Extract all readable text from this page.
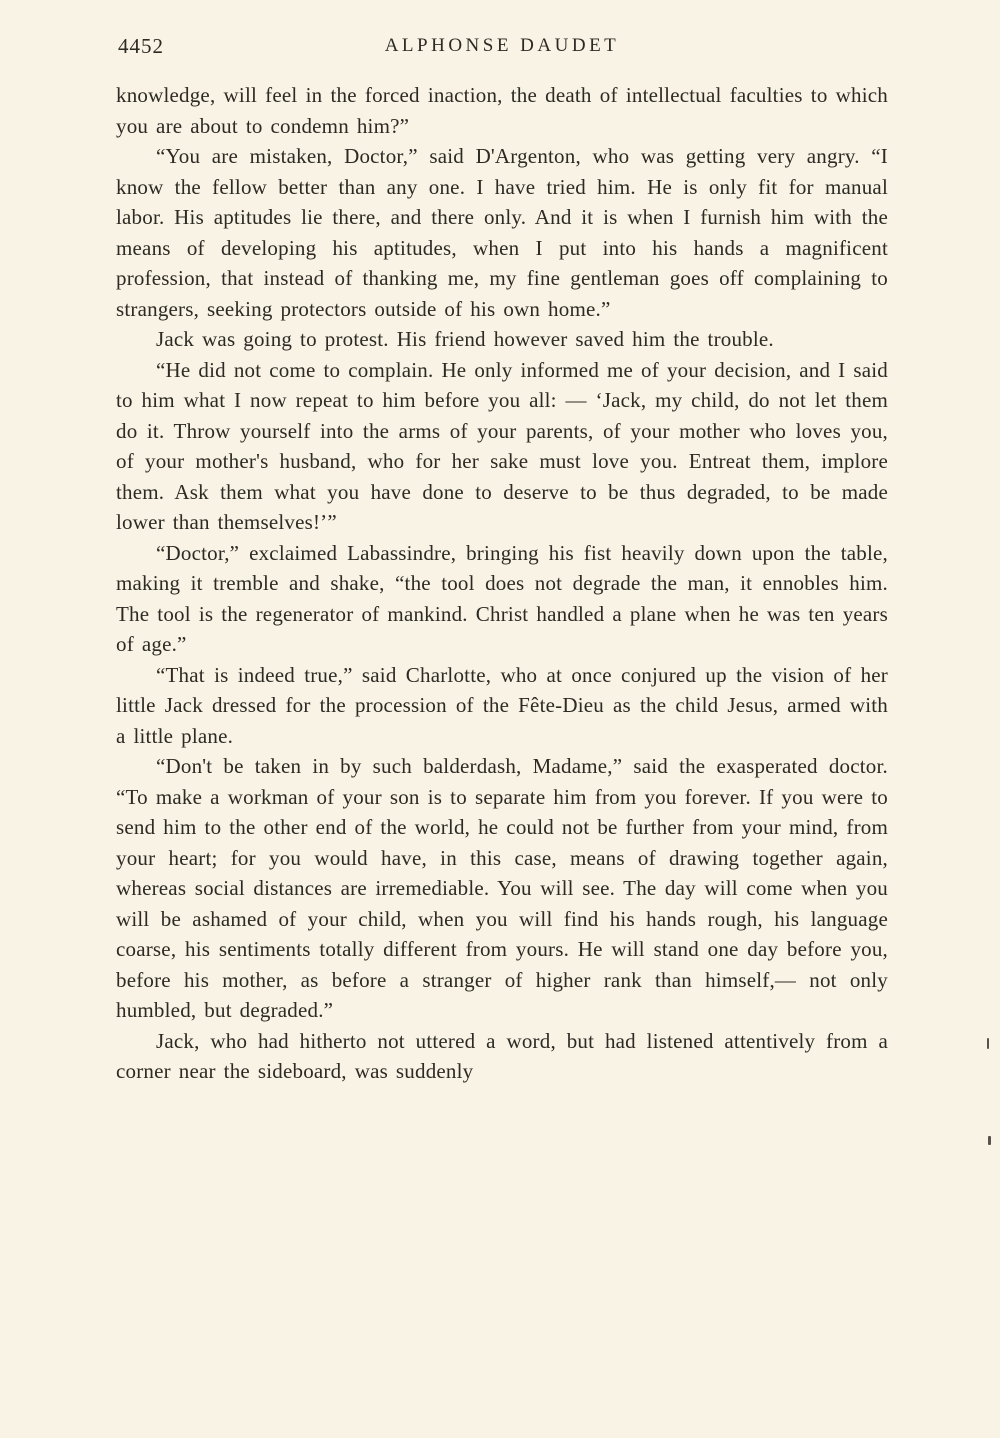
4452	ALPHONSE DAUDET

knowledge, will feel in the forced inaction, the death of intellectual faculties to which you are about to condemn him?”

“You are mistaken, Doctor,” said D'Argenton, who was getting very angry. “I know the fellow better than any one. I have tried him. He is only fit for manual labor. His aptitudes lie there, and there only. And it is when I furnish him with the means of developing his aptitudes, when I put into his hands a magnificent profession, that instead of thanking me, my fine gentleman goes off complaining to strangers, seeking protectors outside of his own home.”

Jack was going to protest. His friend however saved him the trouble.

“He did not come to complain. He only informed me of your decision, and I said to him what I now repeat to him before you all: — ‘Jack, my child, do not let them do it. Throw yourself into the arms of your parents, of your mother who loves you, of your mother's husband, who for her sake must love you. Entreat them, implore them. Ask them what you have done to deserve to be thus degraded, to be made lower than themselves!’”

“Doctor,” exclaimed Labassindre, bringing his fist heavily down upon the table, making it tremble and shake, “the tool does not degrade the man, it ennobles him. The tool is the regenerator of mankind. Christ handled a plane when he was ten years of age.”

“That is indeed true,” said Charlotte, who at once conjured up the vision of her little Jack dressed for the procession of the Fête-Dieu as the child Jesus, armed with a little plane.

“Don't be taken in by such balderdash, Madame,” said the exasperated doctor. “To make a workman of your son is to separate him from you forever. If you were to send him to the other end of the world, he could not be further from your mind, from your heart; for you would have, in this case, means of drawing together again, whereas social distances are irremediable. You will see. The day will come when you will be ashamed of your child, when you will find his hands rough, his language coarse, his sentiments totally different from yours. He will stand one day before you, before his mother, as before a stranger of higher rank than himself,— not only humbled, but degraded.”

Jack, who had hitherto not uttered a word, but had listened attentively from a corner near the sideboard, was suddenly
